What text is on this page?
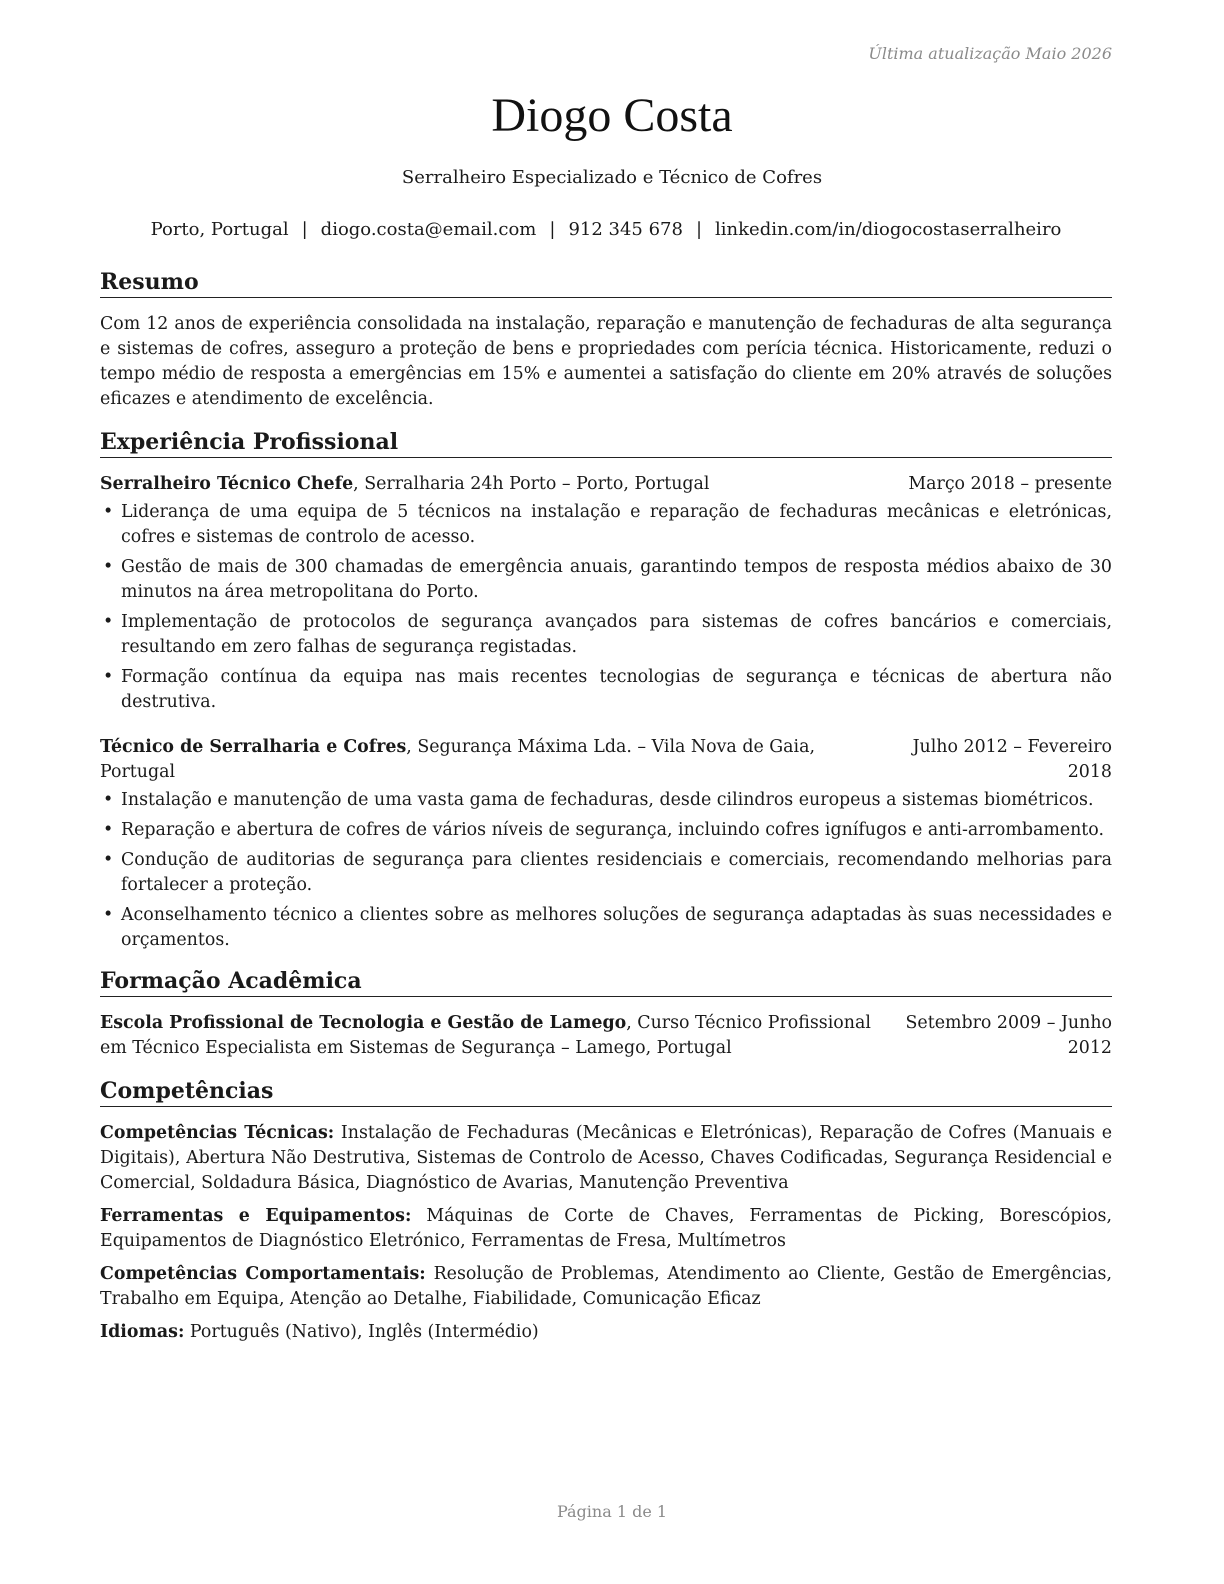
Última atualização Maio 2026
Diogo Costa
Serralheiro Especializado e Técnico de Cofres
Porto, Portugal | diogo.costa@email.com | 912 345 678 | linkedin.com/in/diogocostaserralheiro
Resumo

Com 12 anos de experiência consolidada na instalação, reparação e manutenção de fechaduras de alta segurança e sistemas de cofres, asseguro a proteção de bens e propriedades com perícia técnica. Historicamente, reduzi o tempo médio de resposta a emergências em 15% e aumentei a satisfação do cliente em 20% através de soluções eficazes e atendimento de excelência.

Experiência Profissional
Serralheiro Técnico Chefe, Serralharia 24h Porto – Porto, Portugal	Março 2018 – presente
• Liderança de uma equipa de 5 técnicos na instalação e reparação de fechaduras mecânicas e eletrónicas, cofres e sistemas de controlo de acesso.
• Gestão de mais de 300 chamadas de emergência anuais, garantindo tempos de resposta médios abaixo de 30 minutos na área metropolitana do Porto.
• Implementação de protocolos de segurança avançados para sistemas de cofres bancários e comerciais, resultando em zero falhas de segurança registadas.
• Formação contínua da equipa nas mais recentes tecnologias de segurança e técnicas de abertura não destrutiva.
Técnico de Serralharia e Cofres, Segurança Máxima Lda. – Vila Nova de Gaia, Portugal
Julho 2012 – Fevereiro 2018
• Instalação e manutenção de uma vasta gama de fechaduras, desde cilindros europeus a sistemas biométricos.
• Reparação e abertura de cofres de vários níveis de segurança, incluindo cofres ignífugos e anti-arrombamento.
• Condução de auditorias de segurança para clientes residenciais e comerciais, recomendando melhorias para fortalecer a proteção.
• Aconselhamento técnico a clientes sobre as melhores soluções de segurança adaptadas às suas necessidades e orçamentos.
Formação Acadêmica
Escola Profissional de Tecnologia e Gestão de Lamego, Curso Técnico Profissional em Técnico Especialista em Sistemas de Segurança – Lamego, Portugal
Setembro 2009 – Junho 2012
Competências
Competências Técnicas: Instalação de Fechaduras (Mecânicas e Eletrónicas), Reparação de Cofres (Manuais e Digitais), Abertura Não Destrutiva, Sistemas de Controlo de Acesso, Chaves Codificadas, Segurança Residencial e Comercial, Soldadura Básica, Diagnóstico de Avarias, Manutenção Preventiva
Ferramentas e Equipamentos: Máquinas de Corte de Chaves, Ferramentas de Picking, Borescópios, Equipamentos de Diagnóstico Eletrónico, Ferramentas de Fresa, Multímetros
Competências Comportamentais: Resolução de Problemas, Atendimento ao Cliente, Gestão de Emergências, Trabalho em Equipa, Atenção ao Detalhe, Fiabilidade, Comunicação Eficaz
Idiomas: Português (Nativo), Inglês (Intermédio)
Página 1 de 1
